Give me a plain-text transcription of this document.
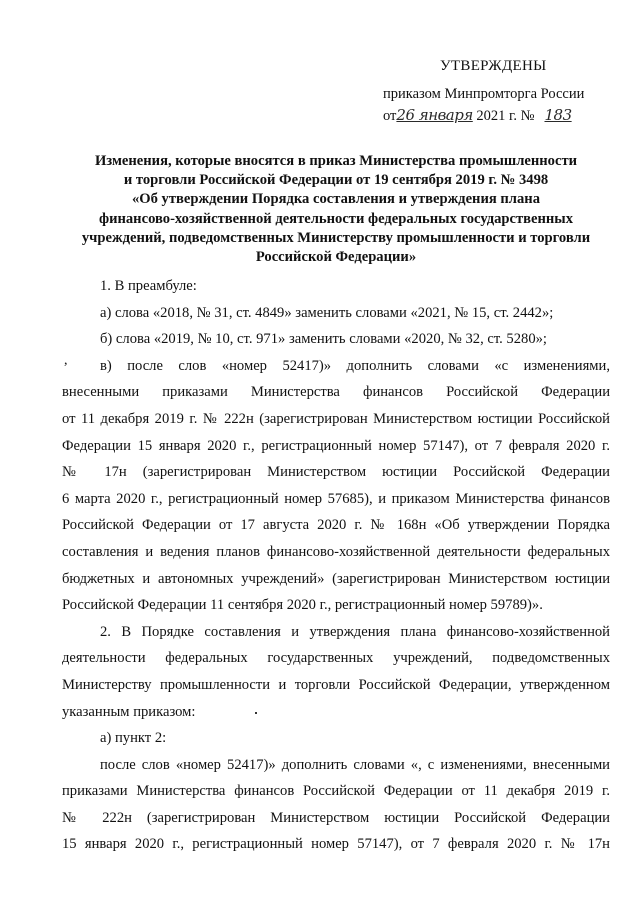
УТВЕРЖДЕНЫ
приказом Минпромторга России
от26 января 2021 г. № 183
Изменения, которые вносятся в приказ Министерства промышленности
и торговли Российской Федерации от 19 сентября 2019 г. № 3498
«Об утверждении Порядка составления и утверждения плана
финансово-хозяйственной деятельности федеральных государственных
учреждений, подведомственных Министерству промышленности и торговли
Российской Федерации»
,

1. В преамбуле:

а) слова «2018, № 31, ст. 4849» заменить словами «2021, № 15, ст. 2442»;

б) слова «2019, № 10, ст. 971» заменить словами «2020, № 32, ст. 5280»;

в) после слов «номер 52417)» дополнить словами «с изменениями,

внесенными приказами Министерства финансов Российской Федерации

от 11 декабря 2019 г. № 222н (зарегистрирован Министерством юстиции Российской

Федерации 15 января 2020 г., регистрационный номер 57147), от 7 февраля 2020 г.

№ 17н (зарегистрирован Министерством юстиции Российской Федерации

6 марта 2020 г., регистрационный номер 57685), и приказом Министерства финансов

Российской Федерации от 17 августа 2020 г. № 168н «Об утверждении Порядка

составления и ведения планов финансово-хозяйственной деятельности федеральных

бюджетных и автономных учреждений» (зарегистрирован Министерством юстиции

Российской Федерации 11 сентября 2020 г., регистрационный номер 59789)».

2. В Порядке составления и утверждения плана финансово-хозяйственной

деятельности федеральных государственных учреждений, подведомственных

Министерству промышленности и торговли Российской Федерации, утвержденном

указанным приказом:

а) пункт 2:

после слов «номер 52417)» дополнить словами «, с изменениями, внесенными

приказами Министерства финансов Российской Федерации от 11 декабря 2019 г.

№ 222н (зарегистрирован Министерством юстиции Российской Федерации

15 января 2020 г., регистрационный номер 57147), от 7 февраля 2020 г. № 17н
